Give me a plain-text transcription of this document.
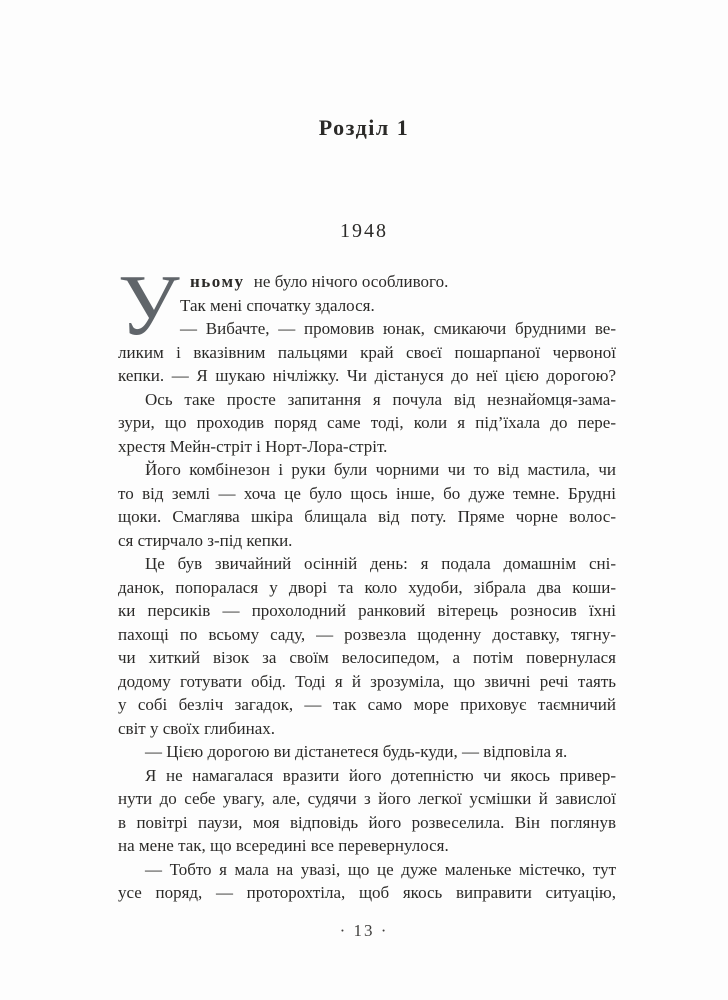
Розділ 1
1948
У ньому не було нічого особливого.
Так мені спочатку здалося.
— Вибачте, — промовив юнак, смикаючи брудними ве-
ликим і вказівним пальцями край своєї пошарпаної червоної
кепки. — Я шукаю нічліжку. Чи дістануся до неї цією дорогою?
Ось таке просте запитання я почула від незнайомця-зама-
зури, що проходив поряд саме тоді, коли я під’їхала до пере-
хрестя Мейн-стріт і Норт-Лора-стріт.
Його комбінезон і руки були чорними чи то від мастила, чи
то від землі — хоча це було щось інше, бо дуже темне. Брудні
щоки. Смаглява шкіра блищала від поту. Пряме чорне волос-
ся стирчало з-під кепки.
Це був звичайний осінній день: я подала домашнім сні-
данок, попоралася у дворі та коло худоби, зібрала два коши-
ки персиків — прохолодний ранковий вітерець розносив їхні
пахощі по всьому саду, — розвезла щоденну доставку, тягну-
чи хиткий візок за своїм велосипедом, а потім повернулася
додому готувати обід. Тоді я й зрозуміла, що звичні речі таять
у собі безліч загадок, — так само море приховує таємничий
світ у своїх глибинах.
— Цією дорогою ви дістанетеся будь-куди, — відповіла я.
Я не намагалася вразити його дотепністю чи якось привер-
нути до себе увагу, але, судячи з його легкої усмішки й завислої
в повітрі паузи, моя відповідь його розвеселила. Він поглянув
на мене так, що всередині все перевернулося.
— Тобто я мала на увазі, що це дуже маленьке містечко, тут
усе поряд, — проторохтіла, щоб якось виправити ситуацію,
· 13 ·
